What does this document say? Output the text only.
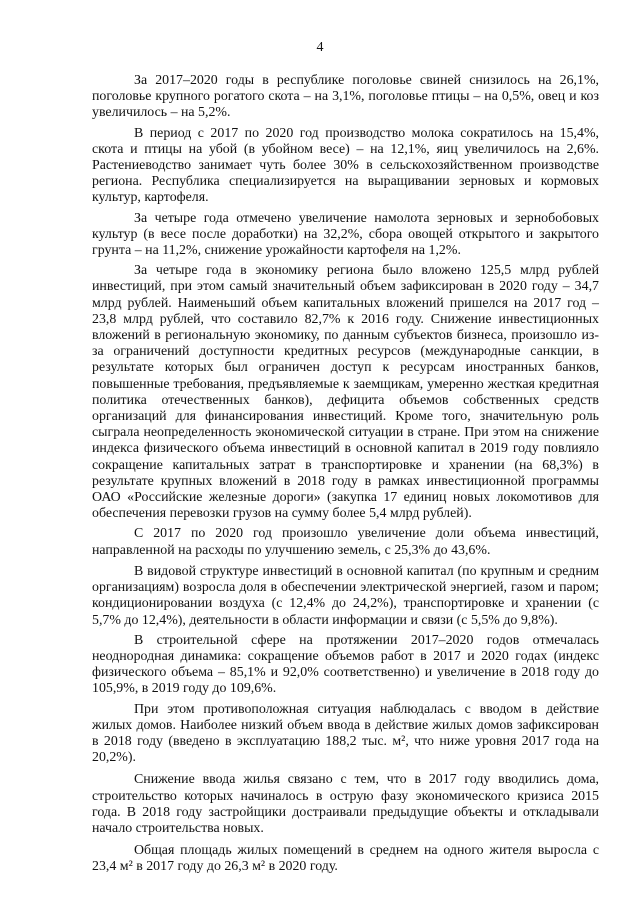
4

За 2017–2020 годы в республике поголовье свиней снизилось на 26,1%, поголовье крупного рогатого скота – на 3,1%, поголовье птицы – на 0,5%, овец и коз увеличилось – на 5,2%.

В период с 2017 по 2020 год производство молока сократилось на 15,4%, скота и птицы на убой (в убойном весе) – на 12,1%, яиц увеличилось на 2,6%. Растениеводство занимает чуть более 30% в сельскохозяйственном производстве региона. Республика специализируется на выращивании зерновых и кормовых культур, картофеля.

За четыре года отмечено увеличение намолота зерновых и зернобобовых культур (в весе после доработки) на 32,2%, сбора овощей открытого и закрытого грунта – на 11,2%, снижение урожайности картофеля на 1,2%.

За четыре года в экономику региона было вложено 125,5 млрд рублей инвестиций, при этом самый значительный объем зафиксирован в 2020 году – 34,7 млрд рублей. Наименьший объем капитальных вложений пришелся на 2017 год – 23,8 млрд рублей, что составило 82,7% к 2016 году. Снижение инвестиционных вложений в региональную экономику, по данным субъектов бизнеса, произошло из-за ограничений доступности кредитных ресурсов (международные санкции, в результате которых был ограничен доступ к ресурсам иностранных банков, повышенные требования, предъявляемые к заемщикам, умеренно жесткая кредитная политика отечественных банков), дефицита объемов собственных средств организаций для финансирования инвестиций. Кроме того, значительную роль сыграла неопределенность экономической ситуации в стране. При этом на снижение индекса физического объема инвестиций в основной капитал в 2019 году повлияло сокращение капитальных затрат в транспортировке и хранении (на 68,3%) в результате крупных вложений в 2018 году в рамках инвестиционной программы ОАО «Российские железные дороги» (закупка 17 единиц новых локомотивов для обеспечения перевозки грузов на сумму более 5,4 млрд рублей).

С 2017 по 2020 год произошло увеличение доли объема инвестиций, направленной на расходы по улучшению земель, с 25,3% до 43,6%.

В видовой структуре инвестиций в основной капитал (по крупным и средним организациям) возросла доля в обеспечении электрической энергией, газом и паром; кондиционировании воздуха (с 12,4% до 24,2%), транспортировке и хранении (с 5,7% до 12,4%), деятельности в области информации и связи (с 5,5% до 9,8%).

В строительной сфере на протяжении 2017–2020 годов отмечалась неоднородная динамика: сокращение объемов работ в 2017 и 2020 годах (индекс физического объема – 85,1% и 92,0% соответственно) и увеличение в 2018 году до 105,9%, в 2019 году до 109,6%.

При этом противоположная ситуация наблюдалась с вводом в действие жилых домов. Наиболее низкий объем ввода в действие жилых домов зафиксирован в 2018 году (введено в эксплуатацию 188,2 тыс. м², что ниже уровня 2017 года на 20,2%).

Снижение ввода жилья связано с тем, что в 2017 году вводились дома, строительство которых начиналось в острую фазу экономического кризиса 2015 года. В 2018 году застройщики достраивали предыдущие объекты и откладывали начало строительства новых.

Общая площадь жилых помещений в среднем на одного жителя выросла с 23,4 м² в 2017 году до 26,3 м² в 2020 году.
